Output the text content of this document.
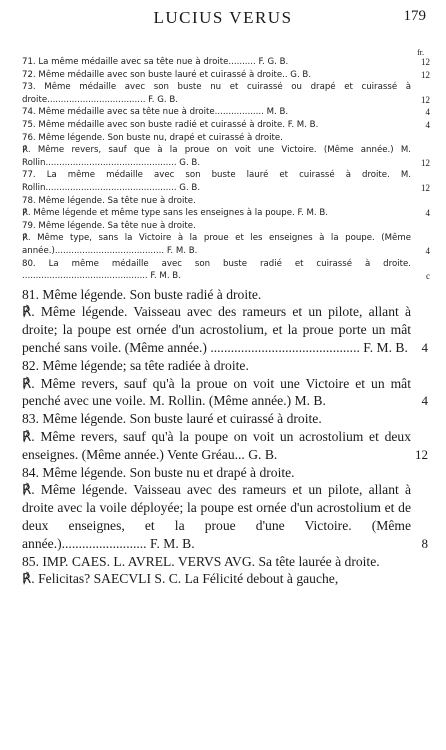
LUCIUS VERUS	179
fr.
71. La même médaille avec sa tête nue à droite.......... F. G. B.	12
72. Même médaille avec son buste lauré et cuirassé à droite.. G. B.	12
73. Même médaille avec son buste nu et cuirassé ou drapé et cuirassé à droite.................................... F. G. B.	12
74. Même médaille avec sa tête nue à droite.................. M. B.	4
75. Même médaille avec son buste radié et cuirassé à droite. F. M. B.	4
76. Même légende. Son buste nu, drapé et cuirassé à droite.
℟. Même revers, sauf que à la proue on voit une Victoire. (Même année.) M. Rollin................................................ G. B.	12
77. La même médaille avec son buste lauré et cuirassé à droite. M. Rollin................................................ G. B.	12
78. Même légende. Sa tête nue à droite.
℟. Même légende et même type sans les enseignes à la poupe. F. M. B.	4
79. Même légende. Sa tête nue à droite.
℟. Même type, sans la Victoire à la proue et les enseignes à la poupe. (Même année.)........................................ F. M. B.	4
80. La même médaille avec son buste radié et cuirassé à droite. .............................................. F. M. B.	c
81. Même légende. Son buste radié à droite.
℟. Même légende. Vaisseau avec des rameurs et un pilote, allant à droite; la poupe est ornée d'un acrostolium, et la proue porte un mât penché sans voile. (Même année.) ............................................ F. M. B. 4
82. Même légende; sa tête radiée à droite.
℟. Même revers, sauf qu'à la proue on voit une Victoire et un mât penché avec une voile. M. Rollin. (Même année.) M. B.	4
83. Même légende. Son buste lauré et cuirassé à droite.
℟. Même revers, sauf qu'à la poupe on voit un acrostolium et deux enseignes. (Même année.) Vente Gréau... G. B.	12
84. Même légende. Son buste nu et drapé à droite.
℟. Même légende. Vaisseau avec des rameurs et un pilote, allant à droite avec la voile déployée; la poupe est ornée d'un acrostolium et de deux enseignes, et la proue d'une Victoire. (Même année.)......................... F. M. B.	8
85. IMP. CAES. L. AVREL. VERVS AVG. Sa tête laurée à droite.
℟. Felicitas? SAECVLI S. C. La Félicité debout à gauche,
